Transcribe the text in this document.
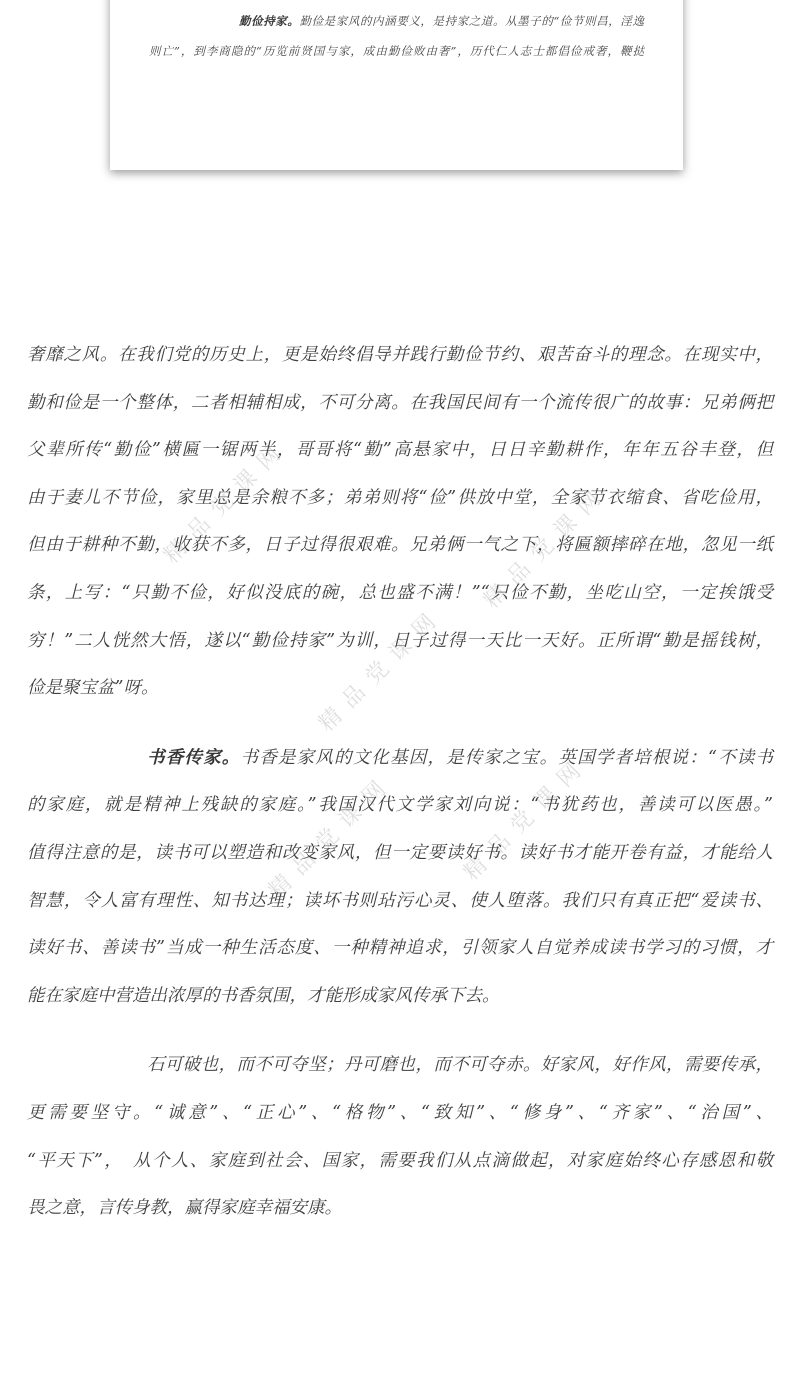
精品党课网	精品党课网
精品党课网
精品党课网
精品党课网
勤俭持家。勤俭是家风的内涵要义，是持家之道。从墨子的“俭节则昌，淫逸
则亡”，到李商隐的“历览前贤国与家，成由勤俭败由奢”，历代仁人志士都倡俭戒奢，鞭挞
奢靡之风。在我们党的历史上，更是始终倡导并践行勤俭节约、艰苦奋斗的理念。在现实中，
勤和俭是一个整体，二者相辅相成，不可分离。在我国民间有一个流传很广的故事：兄弟俩把
父辈所传“勤俭”横匾一锯两半，哥哥将“勤”高悬家中，日日辛勤耕作，年年五谷丰登，但
由于妻儿不节俭，家里总是余粮不多；弟弟则将“俭”供放中堂，全家节衣缩食、省吃俭用，
但由于耕种不勤，收获不多，日子过得很艰难。兄弟俩一气之下，将匾额摔碎在地，忽见一纸
条，上写：“只勤不俭，好似没底的碗，总也盛不满！”“只俭不勤，坐吃山空，一定挨饿受
穷！”二人恍然大悟，遂以“勤俭持家”为训，日子过得一天比一天好。正所谓“勤是摇钱树，
俭是聚宝盆”呀。
书香传家。书香是家风的文化基因，是传家之宝。英国学者培根说：“不读书
的家庭，就是精神上残缺的家庭。”我国汉代文学家刘向说：“书犹药也，善读可以医愚。”
值得注意的是，读书可以塑造和改变家风，但一定要读好书。读好书才能开卷有益，才能给人
智慧，令人富有理性、知书达理；读坏书则玷污心灵、使人堕落。我们只有真正把“爱读书、
读好书、善读书”当成一种生活态度、一种精神追求，引领家人自觉养成读书学习的习惯，才
能在家庭中营造出浓厚的书香氛围，才能形成家风传承下去。
石可破也，而不可夺坚；丹可磨也，而不可夺赤。好家风，好作风，需要传承，
更需要坚守。“诚意”、“正心”、“格物”、“致知”、“修身”、“齐家”、“治国”、
“平天下”，　从个人、家庭到社会、国家，需要我们从点滴做起，对家庭始终心存感恩和敬
畏之意，言传身教，赢得家庭幸福安康。
